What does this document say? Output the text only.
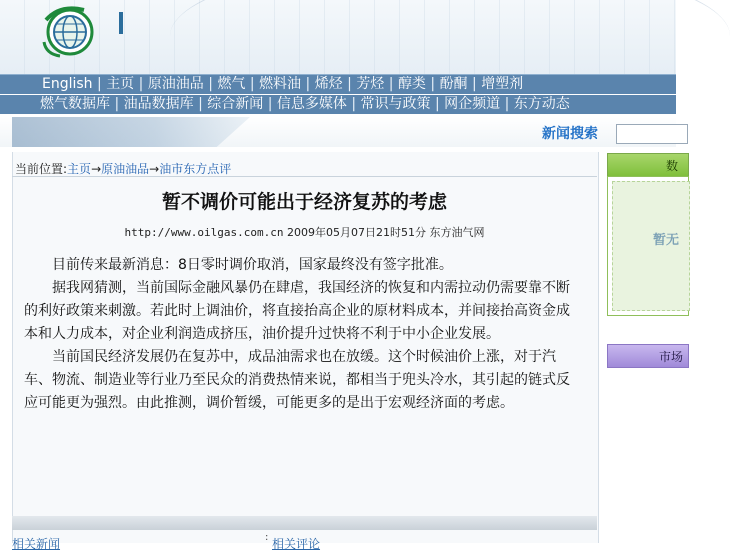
English | 主页 | 原油油品 | 燃气 | 燃料油 | 烯烃 | 芳烃 | 醇类 | 酚酮 | 增塑剂
燃气数据库 | 油品数据库 | 综合新闻 | 信息多媒体 | 常识与政策 | 网企频道 | 东方动态
新闻搜索
当前位置:主页→原油油品→油市东方点评
暂不调价可能出于经济复苏的考虑
http://www.oilgas.com.cn 2009年05月07日21时51分 东方油气网

目前传来最新消息：8日零时调价取消，国家最终没有签字批准。

据我网猜测，当前国际金融风暴仍在肆虐，我国经济的恢复和内需拉动仍需要靠不断的利好政策来刺激。若此时上调油价，将直接抬高企业的原材料成本，并间接抬高资金成本和人力成本，对企业利润造成挤压，油价提升过快将不利于中小企业发展。

当前国民经济发展仍在复苏中，成品油需求也在放缓。这个时候油价上涨，对于汽车、物流、制造业等行业乃至民众的消费热情来说，都相当于兜头冷水，其引起的链式反应可能更为强烈。由此推测，调价暂缓，可能更多的是出于宏观经济面的考虑。

相关新闻	: 相关评论
数
暂无
市场
